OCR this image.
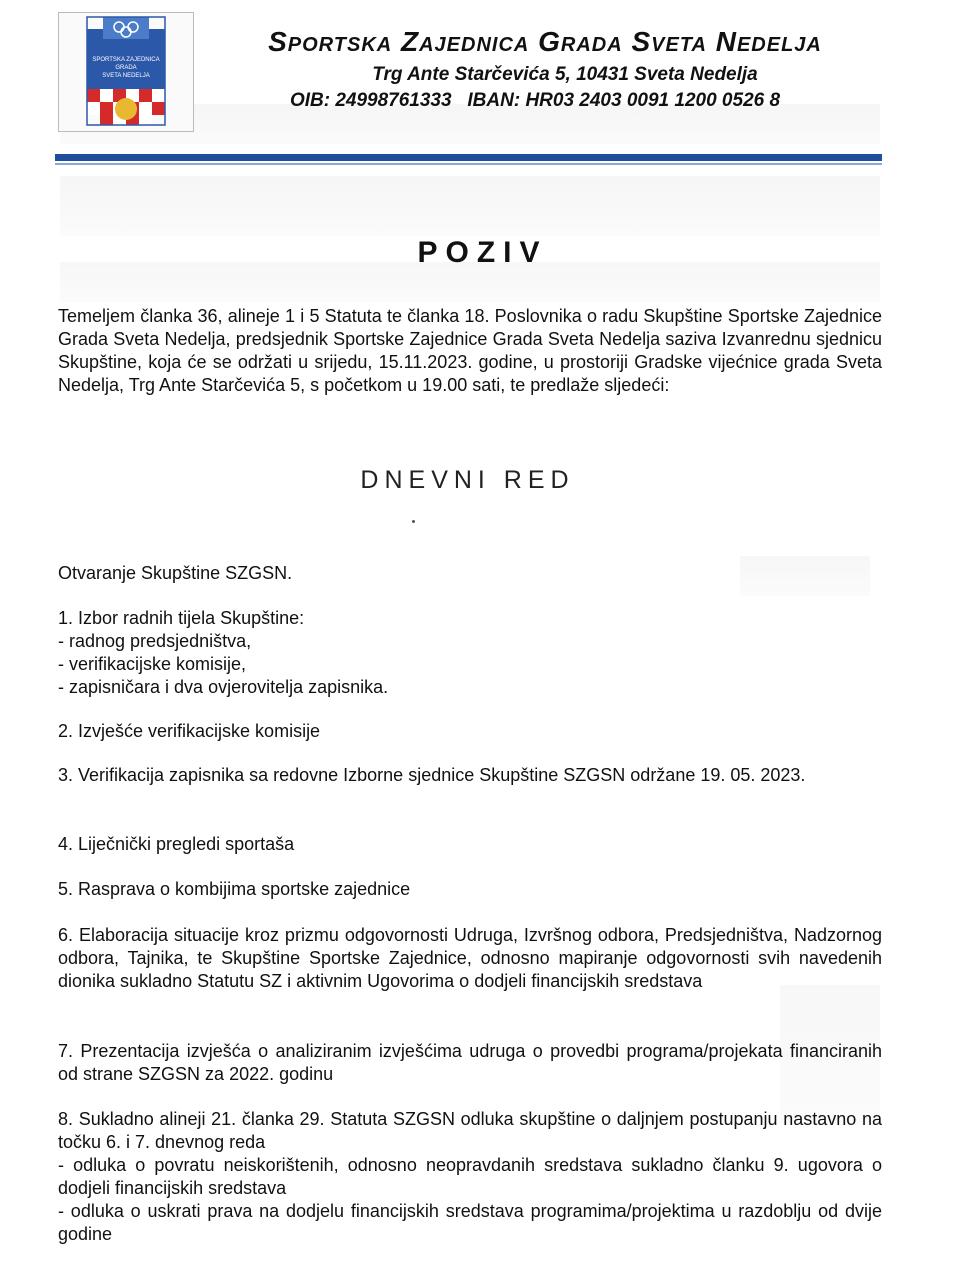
SPORTSKA ZAJEDNICA
GRADA
SVETA NEDELJA
Sportska Zajednica Grada Sveta Nedelja
Trg Ante Starčevića 5, 10431 Sveta Nedelja
OIB: 24998761333   IBAN: HR03 2403 0091 1200 0526 8
POZIV
Temeljem članka 36, alineje 1 i 5 Statuta te članka 18. Poslovnika o radu Skupštine Sportske Zajednice Grada Sveta Nedelja, predsjednik Sportske Zajednice Grada Sveta Nedelja saziva Izvanrednu sjednicu Skupštine, koja će se održati u srijedu, 15.11.2023. godine, u prostoriji Gradske vijećnice grada Sveta Nedelja, Trg Ante Starčevića 5, s početkom u 19.00 sati, te predlaže sljedeći:
DNEVNI RED
Otvaranje Skupštine SZGSN.
1. Izbor radnih tijela Skupštine:
- radnog predsjedništva,
- verifikacijske komisije,
- zapisničara i dva ovjerovitelja zapisnika.
2. Izvješće verifikacijske komisije
3. Verifikacija zapisnika sa redovne Izborne sjednice Skupštine SZGSN održane 19. 05. 2023.
4. Liječnički pregledi sportaša
5. Rasprava o kombijima sportske zajednice
6. Elaboracija situacije kroz prizmu odgovornosti Udruga, Izvršnog odbora, Predsjedništva, Nadzornog odbora, Tajnika, te Skupštine Sportske Zajednice, odnosno mapiranje odgovornosti svih navedenih dionika sukladno Statutu SZ i aktivnim Ugovorima o dodjeli financijskih sredstava
7. Prezentacija izvješća o analiziranim izvješćima udruga o provedbi programa/projekata financiranih od strane SZGSN za 2022. godinu
8. Sukladno alineji 21. članka 29. Statuta SZGSN odluka skupštine o daljnjem postupanju nastavno na točku 6. i 7. dnevnog reda
- odluka o povratu neiskorištenih, odnosno neopravdanih sredstava sukladno članku 9. ugovora o dodjeli financijskih sredstava
- odluka o uskrati prava na dodjelu financijskih sredstava programima/projektima u razdoblju od dvije godine
